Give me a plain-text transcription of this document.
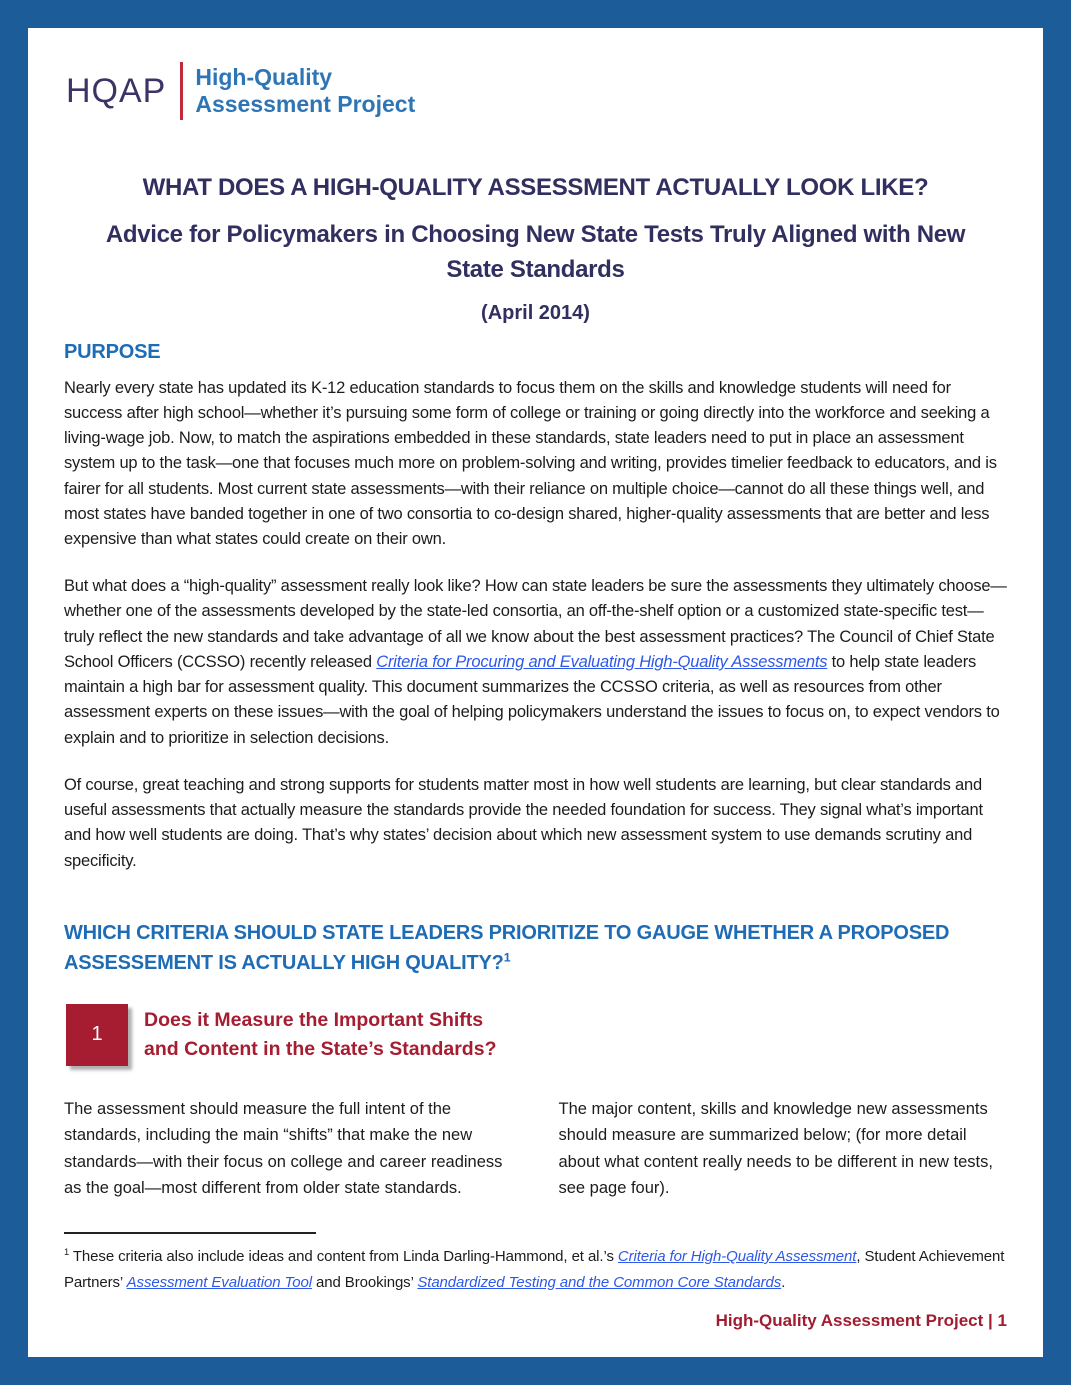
HQAP High-Quality
Assessment Project
WHAT DOES A HIGH-QUALITY ASSESSMENT ACTUALLY LOOK LIKE?
Advice for Policymakers in Choosing New State Tests Truly Aligned with New
State Standards
(April 2014)
PURPOSE

Nearly every state has updated its K-12 education standards to focus them on the skills and knowledge students will need for success after high school—whether it’s pursuing some form of college or training or going directly into the workforce and seeking a living-wage job. Now, to match the aspirations embedded in these standards, state leaders need to put in place an assessment system up to the task—one that focuses much more on problem-solving and writing, provides timelier feedback to educators, and is fairer for all students. Most current state assessments—with their reliance on multiple choice—cannot do all these things well, and most states have banded together in one of two consortia to co-design shared, higher-quality assessments that are better and less expensive than what states could create on their own.

But what does a “high-quality” assessment really look like? How can state leaders be sure the assessments they ultimately choose—whether one of the assessments developed by the state-led consortia, an off-the-shelf option or a customized state-specific test—truly reflect the new standards and take advantage of all we know about the best assessment practices? The Council of Chief State School Officers (CCSSO) recently released Criteria for Procuring and Evaluating High-Quality Assessments to help state leaders maintain a high bar for assessment quality. This document summarizes the CCSSO criteria, as well as resources from other assessment experts on these issues—with the goal of helping policymakers understand the issues to focus on, to expect vendors to explain and to prioritize in selection decisions.

Of course, great teaching and strong supports for students matter most in how well students are learning, but clear standards and useful assessments that actually measure the standards provide the needed foundation for success. They signal what’s important and how well students are doing. That’s why states’ decision about which new assessment system to use demands scrutiny and specificity.

WHICH CRITERIA SHOULD STATE LEADERS PRIORITIZE TO GAUGE WHETHER A PROPOSED
ASSESSEMENT IS ACTUALLY HIGH QUALITY?$^1$
1
Does it Measure the Important Shifts
and Content in the State’s Standards?
The assessment should measure the full intent of the standards, including the main “shifts” that make the new standards—with their focus on college and career readiness as the goal—most different from older state standards.
The major content, skills and knowledge new assessments should measure are summarized below; (for more detail about what content really needs to be different in new tests, see page four).
$^1$ These criteria also include ideas and content from Linda Darling-Hammond, et al.’s Criteria for High-Quality Assessment, Student Achievement Partners’ Assessment Evaluation Tool and Brookings’ Standardized Testing and the Common Core Standards.
High-Quality Assessment Project | 1
